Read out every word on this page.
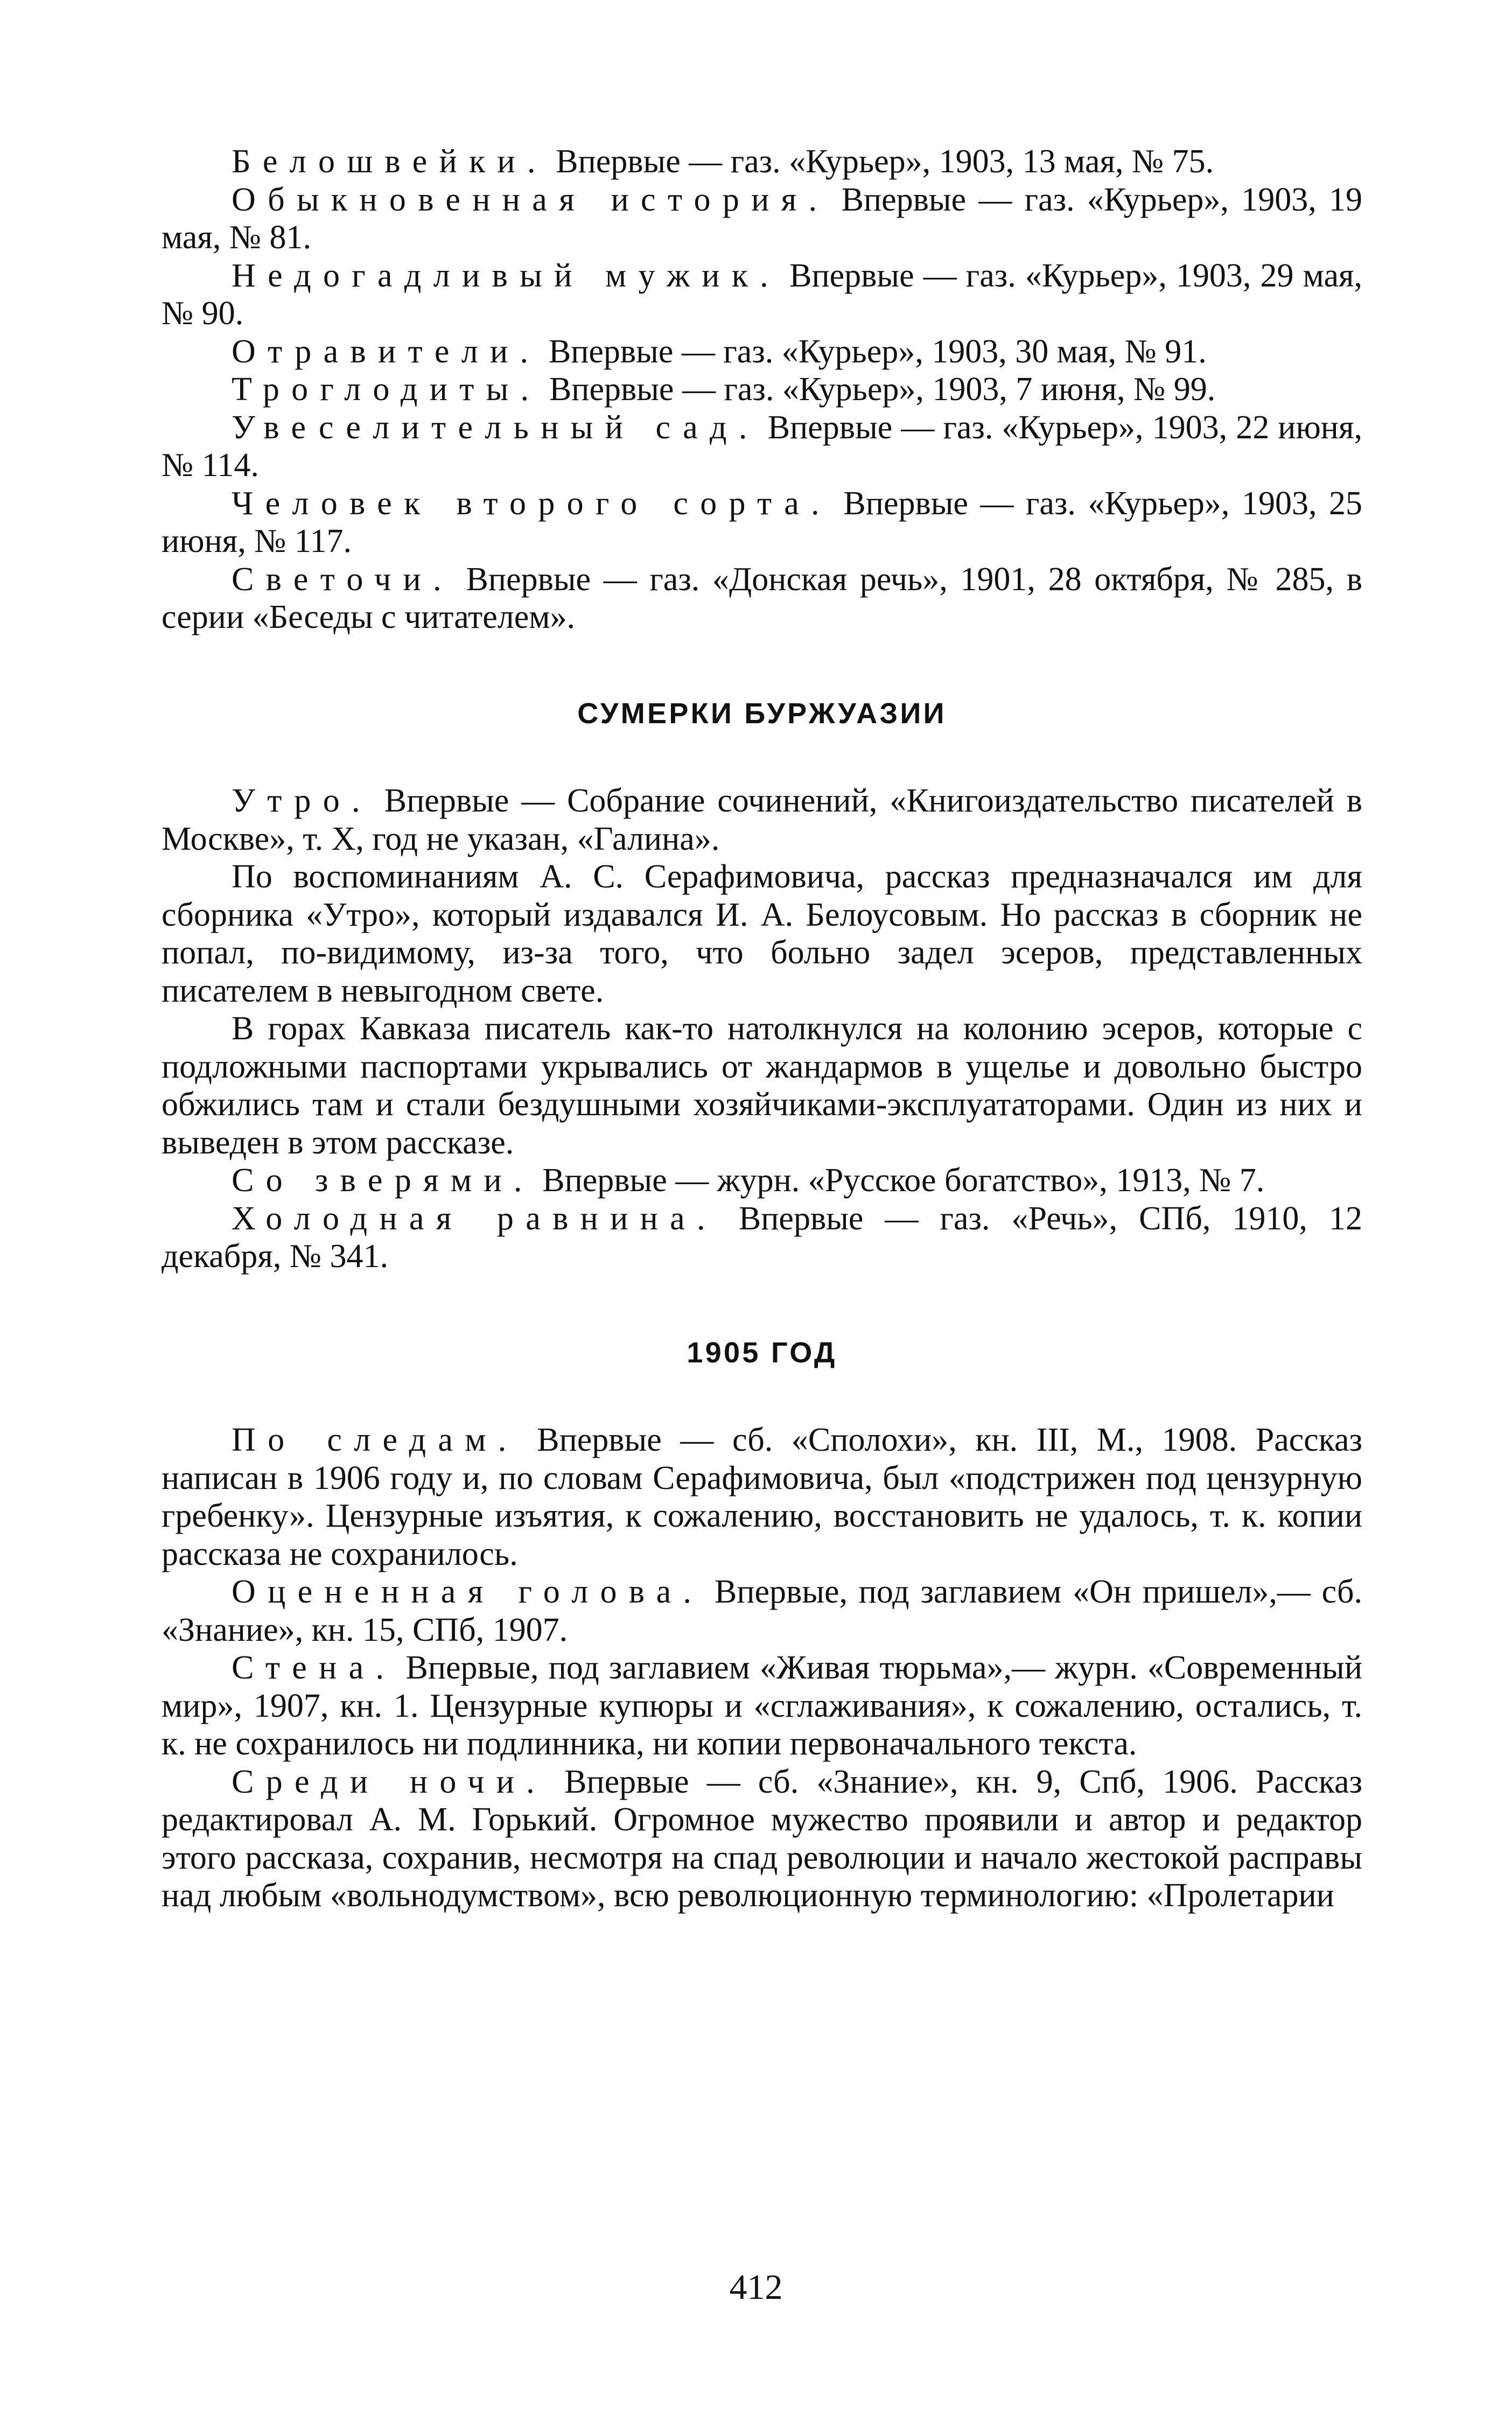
Белошвейки. Впервые — газ. «Курьер», 1903, 13 мая, № 75.

Обыкновенная история. Впервые — газ. «Курьер», 1903, 19 мая, № 81.

Недогадливый мужик. Впервые — газ. «Курьер», 1903, 29 мая, № 90.

Отравители. Впервые — газ. «Курьер», 1903, 30 мая, № 91.

Троглодиты. Впервые — газ. «Курьер», 1903, 7 июня, № 99.

Увеселительный сад. Впервые — газ. «Курьер», 1903, 22 июня, № 114.

Человек второго сорта. Впервые — газ. «Курьер», 1903, 25 июня, № 117.

Светочи. Впервые — газ. «Донская речь», 1901, 28 октября, № 285, в серии «Беседы с читателем».

СУМЕРКИ БУРЖУАЗИИ

Утро. Впервые — Собрание сочинений, «Книгоиздательство писателей в Москве», т. X, год не указан, «Галина».

По воспоминаниям А. С. Серафимовича, рассказ предназначался им для сборника «Утро», который издавался И. А. Белоусовым. Но рассказ в сборник не попал, по-видимому, из-за того, что больно задел эсеров, представленных писателем в невыгодном свете.

В горах Кавказа писатель как-то натолкнулся на колонию эсеров, которые с подложными паспортами укрывались от жандармов в ущелье и довольно быстро обжились там и стали бездушными хозяйчиками-эксплуататорами. Один из них и выведен в этом рассказе.

Со зверями. Впервые — журн. «Русское богатство», 1913, № 7.

Холодная равнина. Впервые — газ. «Речь», СПб, 1910, 12 декабря, № 341.

1905 ГОД

По следам. Впервые — сб. «Сполохи», кн. III, М., 1908. Рассказ написан в 1906 году и, по словам Серафимовича, был «подстрижен под цензурную гребенку». Цензурные изъятия, к сожалению, восстановить не удалось, т. к. копии рассказа не сохранилось.

Оцененная голова. Впервые, под заглавием «Он пришел»,— сб. «Знание», кн. 15, СПб, 1907.

Стена. Впервые, под заглавием «Живая тюрьма»,— журн. «Современный мир», 1907, кн. 1. Цензурные купюры и «сглаживания», к сожалению, остались, т. к. не сохранилось ни подлинника, ни копии первоначального текста.

Среди ночи. Впервые — сб. «Знание», кн. 9, Спб, 1906. Рассказ редактировал А. М. Горький. Огромное мужество проявили и автор и редактор этого рассказа, сохранив, несмотря на спад революции и начало жестокой расправы над любым «вольнодумством», всю революционную терминологию: «Пролетарии

412
